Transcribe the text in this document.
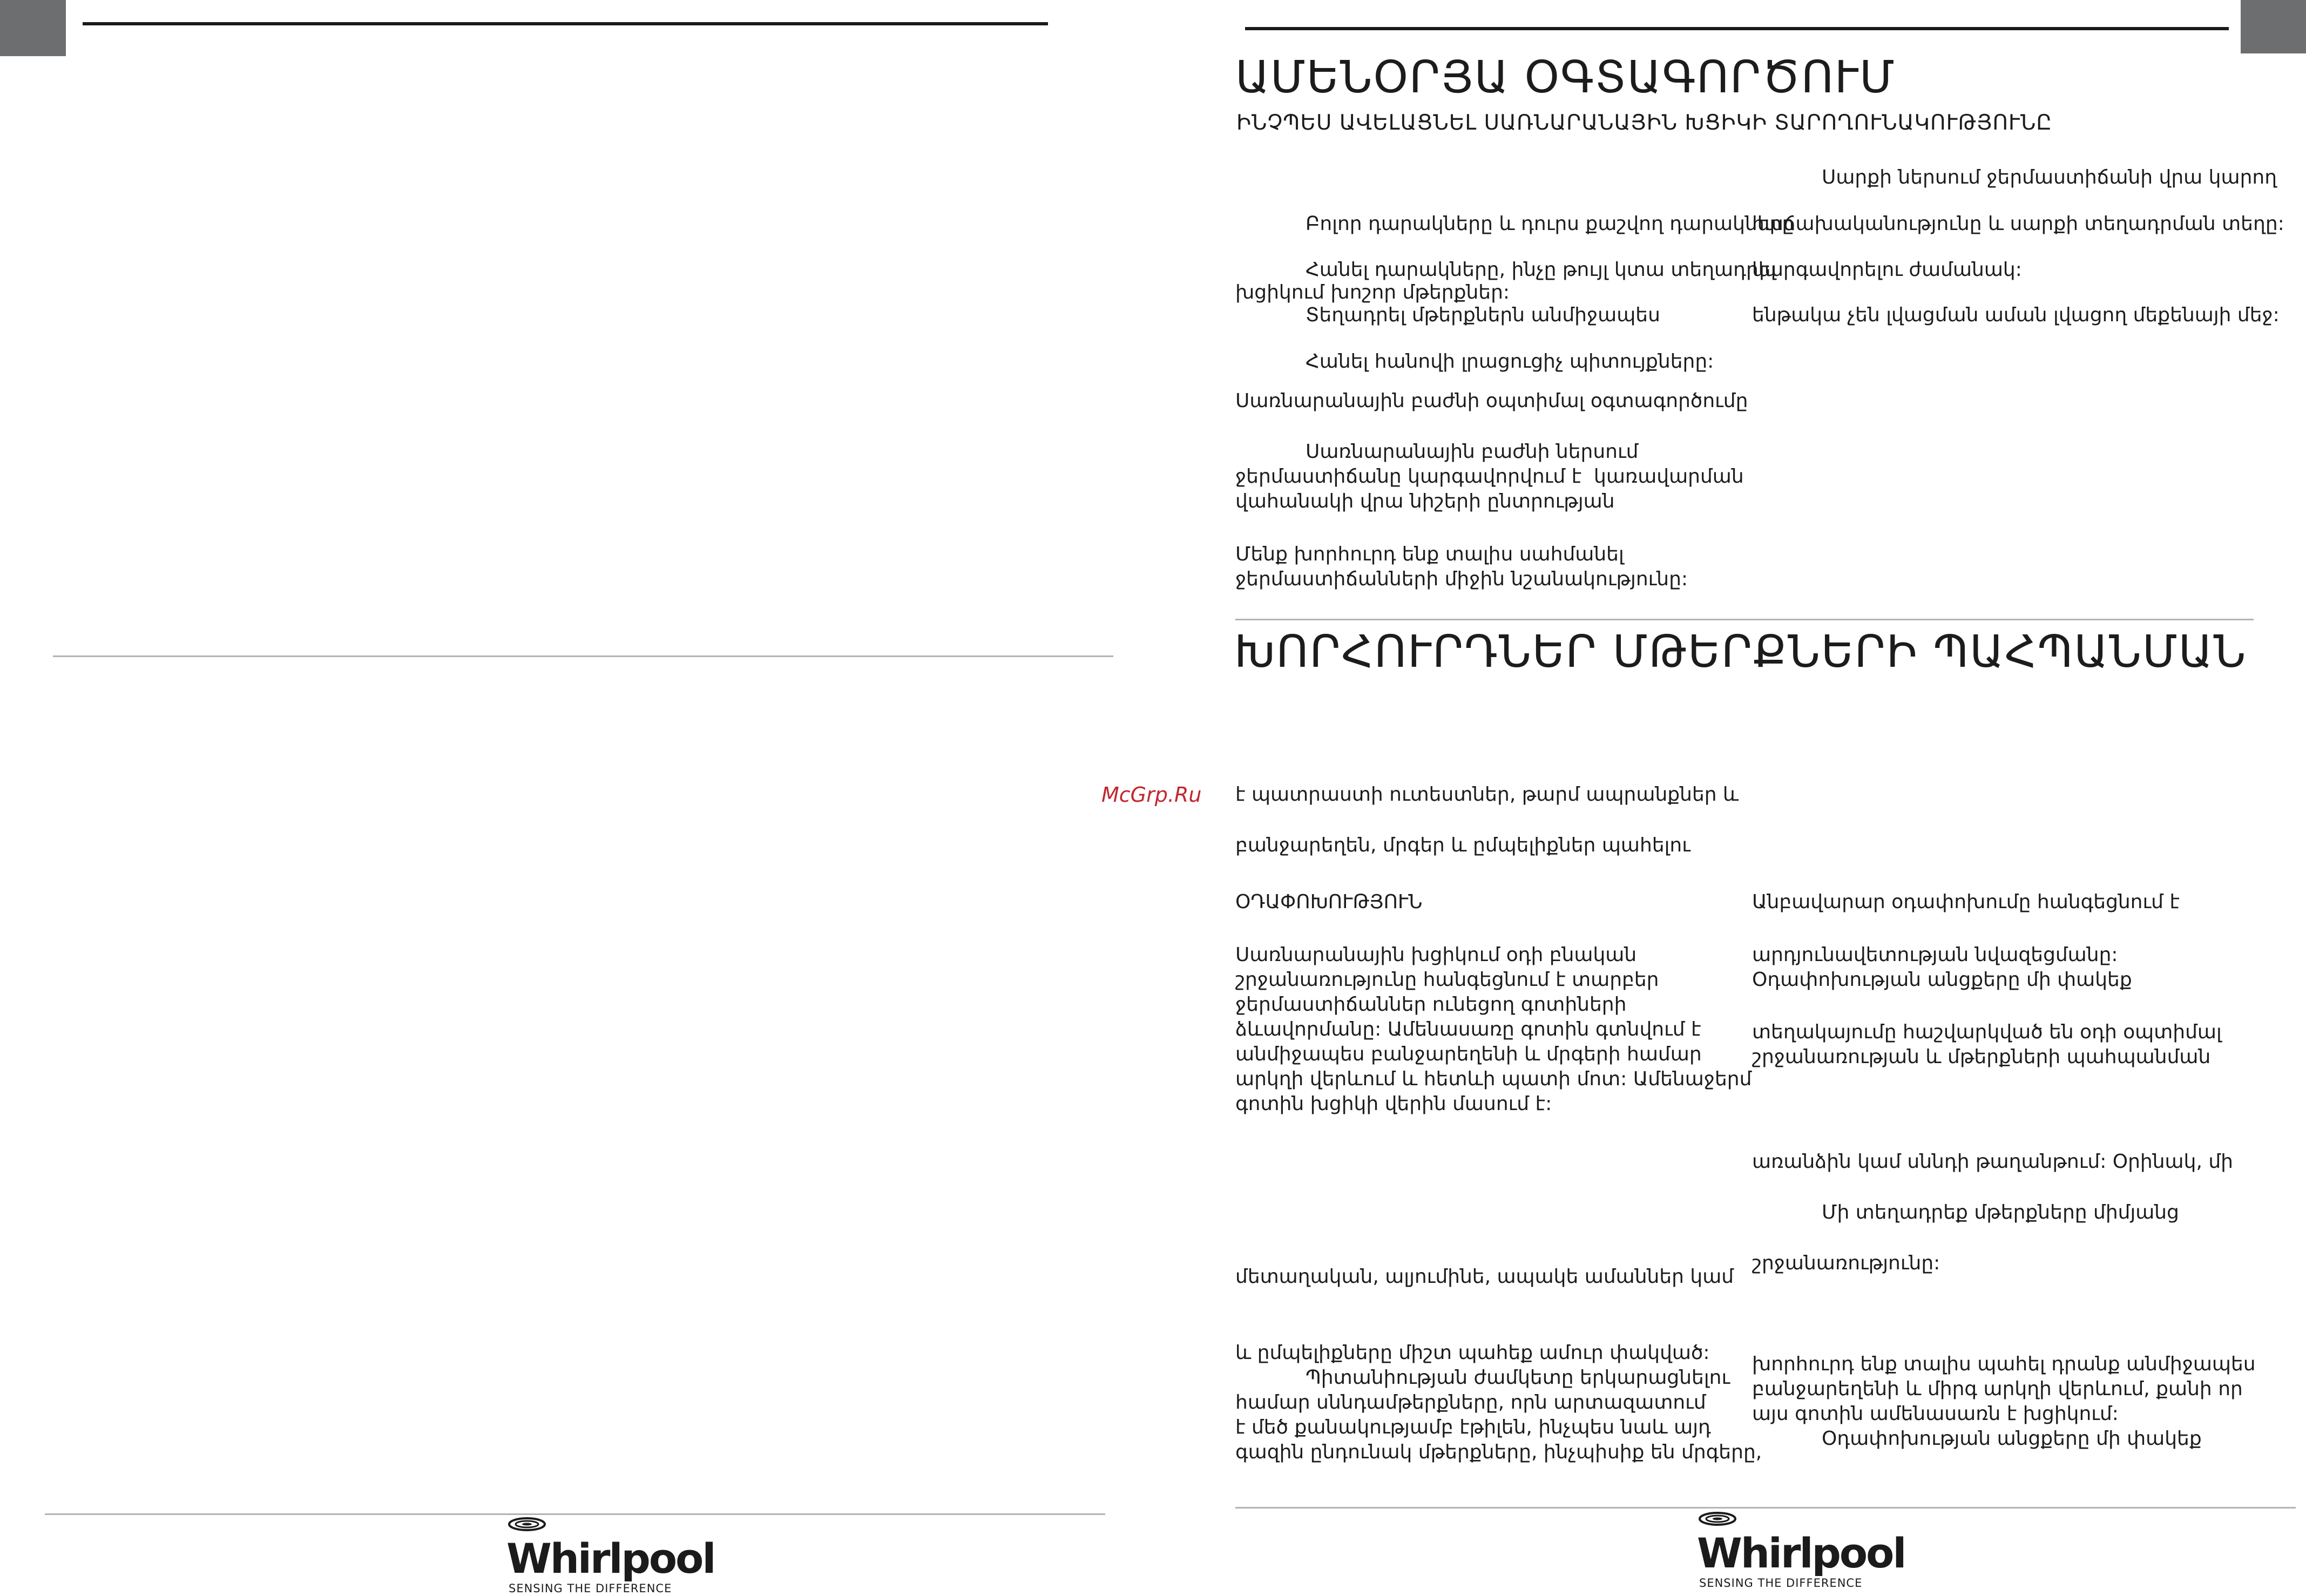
Whirlpool
SENSING THE DIFFERENCE
ԱՄԵՆՕՐՅԱ ՕԳՏԱԳՈՐԾՈՒՄ
ԻՆՉՊԵՍ ԱՎԵԼԱՑՆԵԼ ՍԱՌՆԱՐԱՆԱՅԻՆ ԽՑԻԿԻ ՏԱՐՈՂՈՒՆԱԿՈՒԹՅՈՒՆԸ
Բոլոր դարակները և դուրս քաշվող դարակները
Հանել դարակները, ինչը թույլ կտա տեղադրել
խցիկում խոշոր մթերքներ:
Տեղադրել մթերքներն անմիջապես
Հանել հանովի լրացուցիչ պիտույքները:
Սառնարանային բաժնի օպտիմալ օգտագործումը
Սառնարանային բաժնի ներսում
ջերմաստիճանը կարգավորվում է  կառավարման
վահանակի վրա նիշերի ընտրության
Մենք խորհուրդ ենք տալիս սահմանել
ջերմաստիճանների միջին նշանակությունը:
Սարքի ներսում ջերմաստիճանի վրա կարող
հաճախականությունը և սարքի տեղադրման տեղը:
կարգավորելու ժամանակ:
ենթակա չեն լվացման աման լվացող մեքենայի մեջ:
ԽՈՐՀՈՒՐԴՆԵՐ ՄԹԵՐՔՆԵՐԻ ՊԱՀՊԱՆՄԱՆ
McGrp.Ru է պատրաստի ուտեստներ, թարմ ապրանքներ և
բանջարեղեն, մրգեր և ըմպելիքներ պահելու
ՕԴԱՓՈԽՈՒԹՅՈՒՆ
Սառնարանային խցիկում օդի բնական
շրջանառությունը հանգեցնում է տարբեր
ջերմաստիճաններ ունեցող գոտիների
ձևավորմանը: Ամենասառը գոտին գտնվում է
անմիջապես բանջարեղենի և մրգերի համար
արկղի վերևում և հետևի պատի մոտ: Ամենաջերմ
գոտին խցիկի վերին մասում է:
Անբավարար օդափոխումը հանգեցնում է
արդյունավետության նվազեցմանը:
Օդափոխության անցքերը մի փակեք
տեղակայումը հաշվարկված են օդի օպտիմալ
շրջանառության և մթերքների պահպանման
առանձին կամ սննդի թաղանթում: Օրինակ, մի
Մի տեղադրեք մթերքները միմյանց
շրջանառությունը:
մետաղական, ալյումինե, ապակե ամաններ կամ
և ըմպելիքները միշտ պահեք ամուր փակված:
Պիտանիության ժամկետը երկարացնելու
համար սննդամթերքները, որն արտազատում
է մեծ քանակությամբ էթիլեն, ինչպես նաև այդ
գազին ընդունակ մթերքները, ինչպիսիք են մրգերը,
խորհուրդ ենք տալիս պահել դրանք անմիջապես
բանջարեղենի և միրգ արկղի վերևում, քանի որ
այս գոտին ամենասառն է խցիկում:
Օդափոխության անցքերը մի փակեք
Whirlpool
SENSING THE DIFFERENCE
